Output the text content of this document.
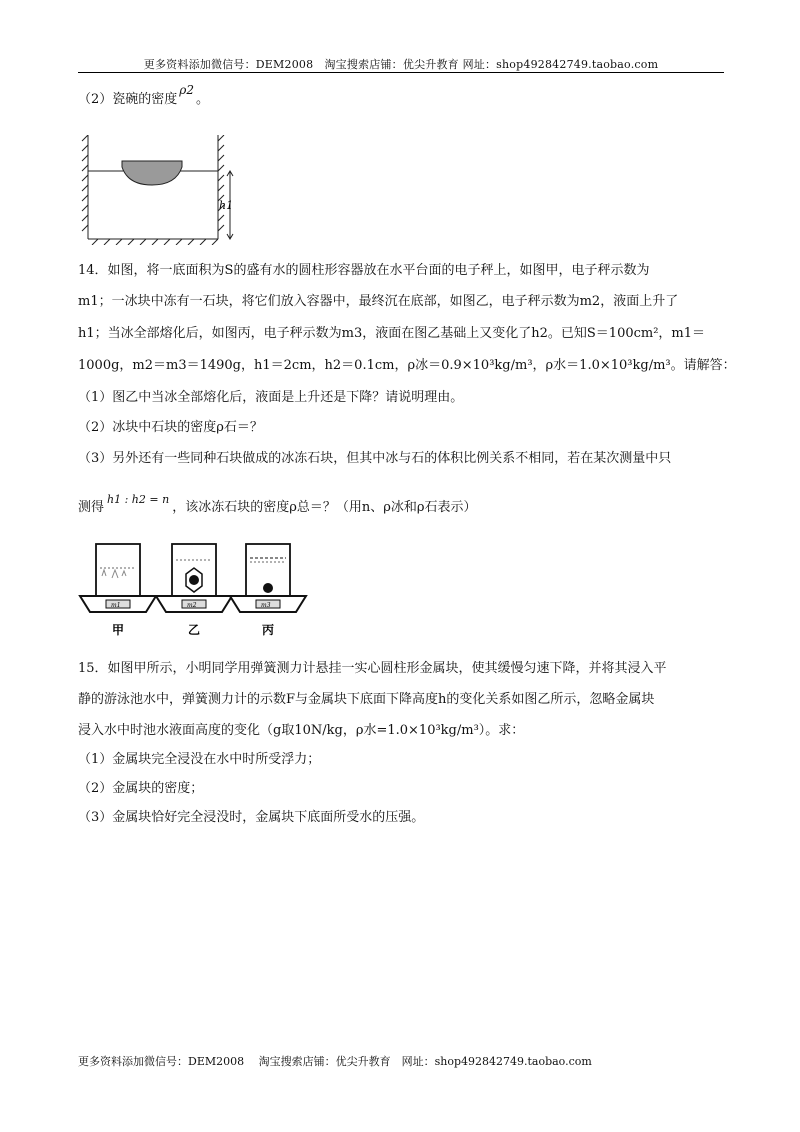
更多资料添加微信号：DEM2008　淘宝搜索店铺：优尖升教育 网址：shop492842749.taobao.com
（2）瓷碗的密度ρ2。
h1
14．如图，将一底面积为S的盛有水的圆柱形容器放在水平台面的电子秤上，如图甲，电子秤示数为
m1；一冰块中冻有一石块，将它们放入容器中，最终沉在底部，如图乙，电子秤示数为m2，液面上升了
h1；当冰全部熔化后，如图丙，电子秤示数为m3，液面在图乙基础上又变化了h2。已知S＝100cm²，m1＝
1000g，m2＝m3＝1490g，h1＝2cm，h2＝0.1cm，ρ冰＝0.9×10³kg/m³，ρ水＝1.0×10³kg/m³。请解答：
（1）图乙中当冰全部熔化后，液面是上升还是下降？请说明理由。
（2）冰块中石块的密度ρ石＝？
（3）另外还有一些同种石块做成的冰冻石块，但其中冰与石的体积比例关系不相同，若在某次测量中只
测得$^{h1 : h2 = n}$，该冰冻石块的密度ρ总＝？（用n、ρ冰和ρ石表示）
m1
甲
m2
乙
m3
丙
15．如图甲所示，小明同学用弹簧测力计悬挂一实心圆柱形金属块，使其缓慢匀速下降，并将其浸入平
静的游泳池水中，弹簧测力计的示数F与金属块下底面下降高度h的变化关系如图乙所示，忽略金属块
浸入水中时池水液面高度的变化（g取10N/kg，ρ水=1.0×10³kg/m³）。求：
（1）金属块完全浸没在水中时所受浮力；
（2）金属块的密度；
（3）金属块恰好完全浸没时，金属块下底面所受水的压强。
更多资料添加微信号：DEM2008　 淘宝搜索店铺：优尖升教育　网址：shop492842749.taobao.com
